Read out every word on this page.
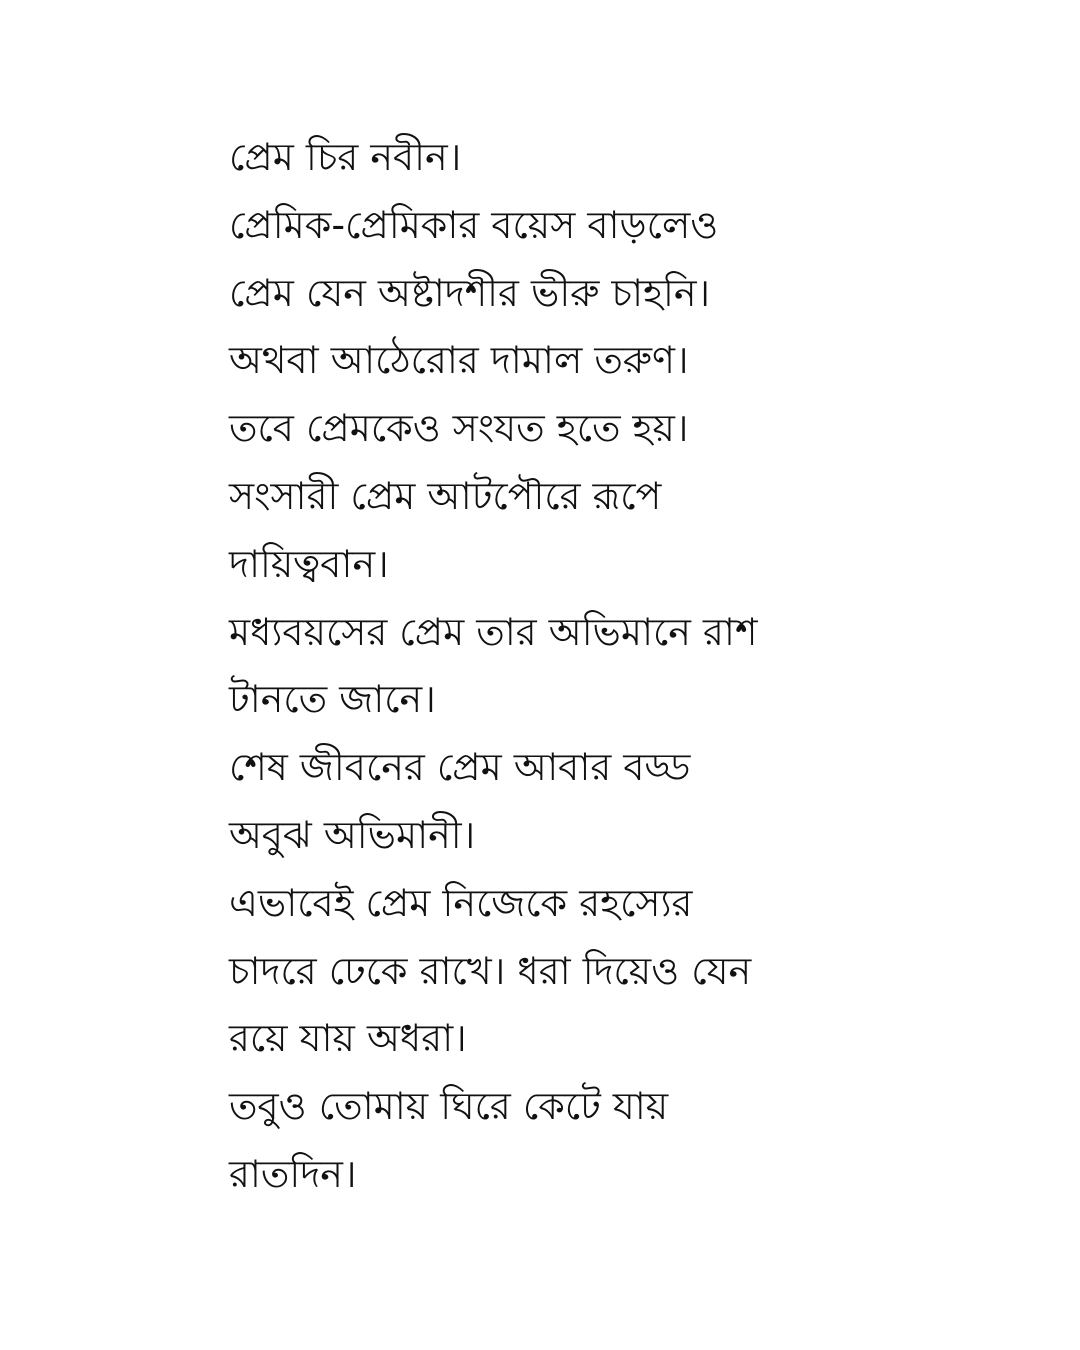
প্রেম চির নবীন।
প্রেমিক-প্রেমিকার বয়েস বাড়লেও
প্রেম যেন অষ্টাদশীর ভীরু চাহনি।
অথবা আঠেরোর দামাল তরুণ।
তবে প্রেমকেও সংযত হতে হয়।
সংসারী প্রেম আটপৌরে রূপে
দায়িত্ববান।
মধ্যবয়সের প্রেম তার অভিমানে রাশ
টানতে জানে।
শেষ জীবনের প্রেম আবার বড্ড
অবুঝ অভিমানী।
এভাবেই প্রেম নিজেকে রহস্যের
চাদরে ঢেকে রাখে। ধরা দিয়েও যেন
রয়ে যায় অধরা।
তবুও তোমায় ঘিরে কেটে যায়
রাতদিন।
